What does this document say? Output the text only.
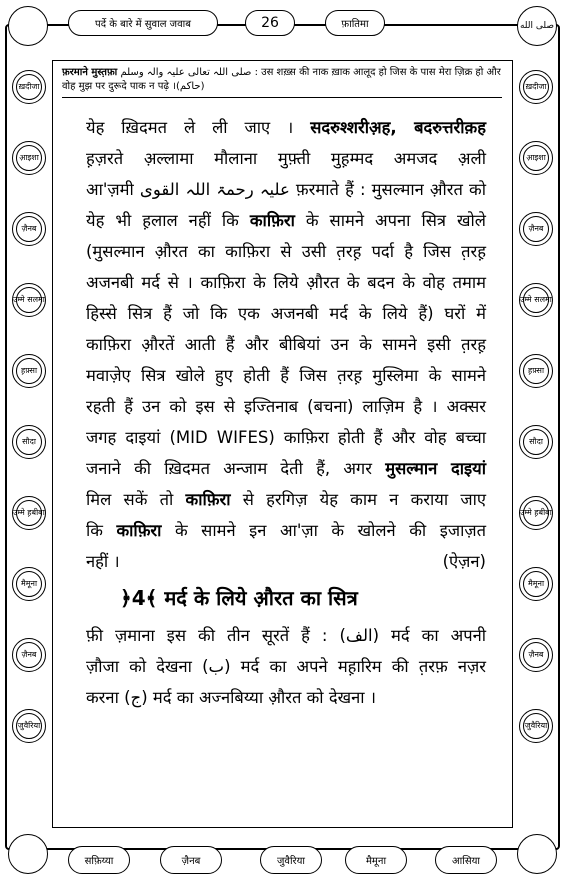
पर्दे के बारे में सुवाल जवाब	26	फ़ातिमा	صلى الله
फ़रमाने मुस्त़फ़ा صلی اللہ تعالی علیہ والہ وسلم : उस शख़्स की नाक ख़ाक आलूद हो जिस के पास मेरा ज़िक्र हो और वोह मुझ पर दुरूदे पाक न पढ़े ।(حاکم)
ख़दीजा
आ़इशा
ज़ैनब
उम्मे सलमा
ह़फ़्सा
सौदा
उम्मे ह़बीबा
मैमूना
ज़ैनब
जुवैरिया
ख़दीजा
आ़इशा
ज़ैनब
उम्मे सलमा
ह़फ़्सा
सौदा
उम्मे ह़बीबा
मैमूना
ज़ैनब
जुवैरिया
येह ख़िदमत ले ली जाए । सदरुश्शरीअ़ह, बदरुत्तरीक़ह
ह़ज़रते अ़ल्लामा मौलाना मुफ़्ती मुह़म्मद अमजद अ़ली
आ'ज़मी علیہ رحمۃ اللہ القوی फ़रमाते हैं : मुसल्मान औ़रत को
येह भी ह़लाल नहीं कि काफ़िरा के सामने अपना सित्र खोले
(मुसल्मान औ़रत का काफ़िरा से उसी त़रह़ पर्दा है जिस त़रह़
अजनबी मर्द से । काफ़िरा के लिये औ़रत के बदन के वोह तमाम
हिस्से सित्र हैं जो कि एक अजनबी मर्द के लिये हैं) घरों में
काफ़िरा औ़रतें आती हैं और बीबियां उन के सामने इसी त़रह़
मवाज़ेए सित्र खोले हुए होती हैं जिस त़रह़ मुस्लिमा के सामने
रहती हैं उन को इस से इज्तिनाब (बचना) लाज़िम है । अक्सर
जगह दाइयां (MID WIFES) काफ़िरा होती हैं और वोह बच्चा
जनाने की ख़िदमत अन्जाम देती हैं, अगर मुसल्मान दाइयां
मिल सकें तो काफ़िरा से हरगिज़ येह काम न कराया जाए
कि काफ़िरा के सामने इन आ'ज़ा के खोलने की इजाज़त
नहीं ।	(ऐज़न)
﴿4﴾ मर्द के लिये औ़रत का सित्र
फ़ी ज़माना इस की तीन सूरतें हैं : (الف) मर्द का अपनी
ज़ौजा को देखना (ب) मर्द का अपने मह़ारिम की त़रफ़ नज़र
करना (ج) मर्द का अज्नबिय्या औ़रत को देखना ।
सफ़िय्या	ज़ैनब	जुवैरिया	मैमूना	आसिया
